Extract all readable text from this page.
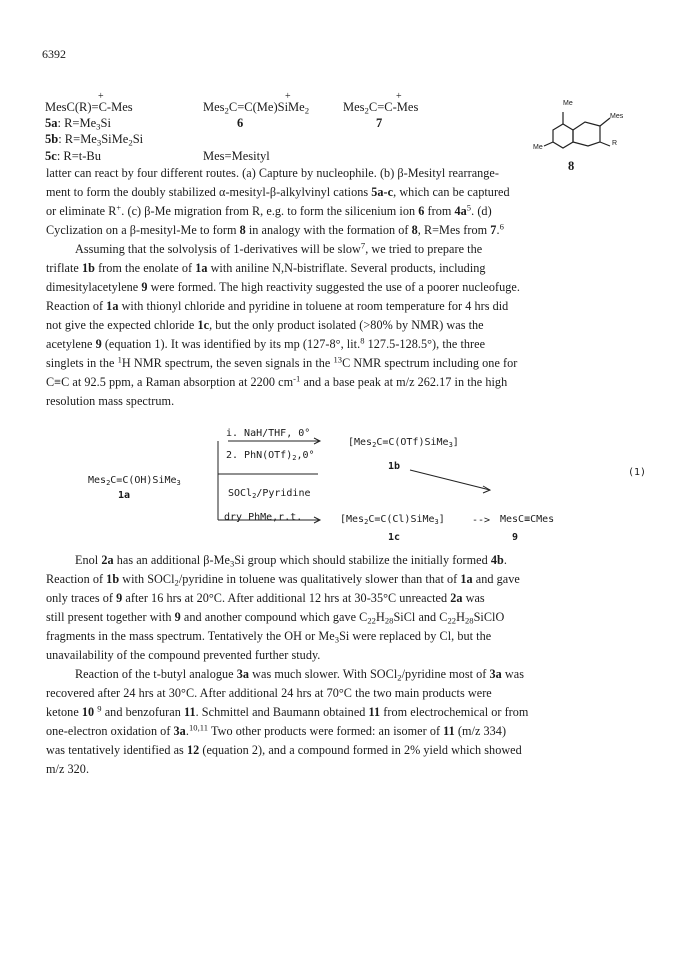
6392
MesC(R)=C-Mes
+
Mes$_2$C=C(Me)SiMe$_2$
+
Mes$_2$C=C-Mes
+
6	7
5a: $R=Me_3Si$
5b: $R=Me_3SiMe_2Si$
5c: R=t-Bu	Mes=Mesityl
Me
Mes
Me
R
8
latter can react by four different routes. (a) Capture by nucleophile. (b) β-Mesityl rearrange-
ment to form the doubly stabilized α-mesityl-β-alkylvinyl cations 5a-c, which can be captured
or eliminate R+. (c) β-Me migration from R, e.g. to form the silicenium ion 6 from $4a^5$. (d)
Cyclization on a β-mesityl-Me to form 8 in analogy with the formation of 8, R=Mes from 7.$^6$
Assuming that the solvolysis of 1-derivatives will be slow$^7$, we tried to prepare the
triflate 1b from the enolate of 1a with aniline N,N-bistriflate. Several products, including
dimesitylacetylene 9 were formed. The high reactivity suggested the use of a poorer nucleofuge.
Reaction of 1a with thionyl chloride and pyridine in toluene at room temperature for 4 hrs did
not give the expected chloride 1c, but the only product isolated (>80% by NMR) was the
acetylene 9 (equation 1). It was identified by its mp (127-8°, lit.$^8$ 127.5-128.5°), the three
singlets in the $^1$H NMR spectrum, the seven signals in the $^{13}$C NMR spectrum including one for
C≡C at 92.5 ppm, a Raman absorption at 2200 $cm^{-1}$ and a base peak at m/z 262.17 in the high
resolution mass spectrum.
i. NaH/THF, 0°
2. $PhN(OTf)_2,0^\circ$
[Mes$_2$C=C(OTf)SiMe$_3$]
1b
Mes$_2$C=C(OH)SiMe$_3$
1a
(1)
SOCl$_2$/Pyridine
dry PhMe,r.t.	[Mes$_2$C=C(Cl)SiMe$_3$]	--> MesC≡CMes
1c	9
Enol 2a has an additional $\beta-Me_3Si$ group which should stabilize the initially formed 4b.
Reaction of 1b with SOCl$_2$/pyridine in toluene was qualitatively slower than that of 1a and gave
only traces of 9 after 16 hrs at 20°C. After additional 12 hrs at 30-35°C unreacted 2a was
still present together with 9 and another compound which gave $C_{22}H_{28}SiCl$ and $C_{22}H_{28}SiClO$
fragments in the mass spectrum. Tentatively the OH or $Me_3Si$ were replaced by Cl, but the
unavailability of the compound prevented further study.
Reaction of the t-butyl analogue 3a was much slower. With SOCl$_2$/pyridine most of 3a was
recovered after 24 hrs at 30°C. After additional 24 hrs at 70°C the two main products were
ketone 10 $^9$ and benzofuran 11. Schmittel and Baumann obtained 11 from electrochemical or from
one-electron oxidation of 3a.$^{10,11}$ Two other products were formed: an isomer of 11 (m/z 334)
was tentatively identified as 12 (equation 2), and a compound formed in 2% yield which showed
m/z 320.
